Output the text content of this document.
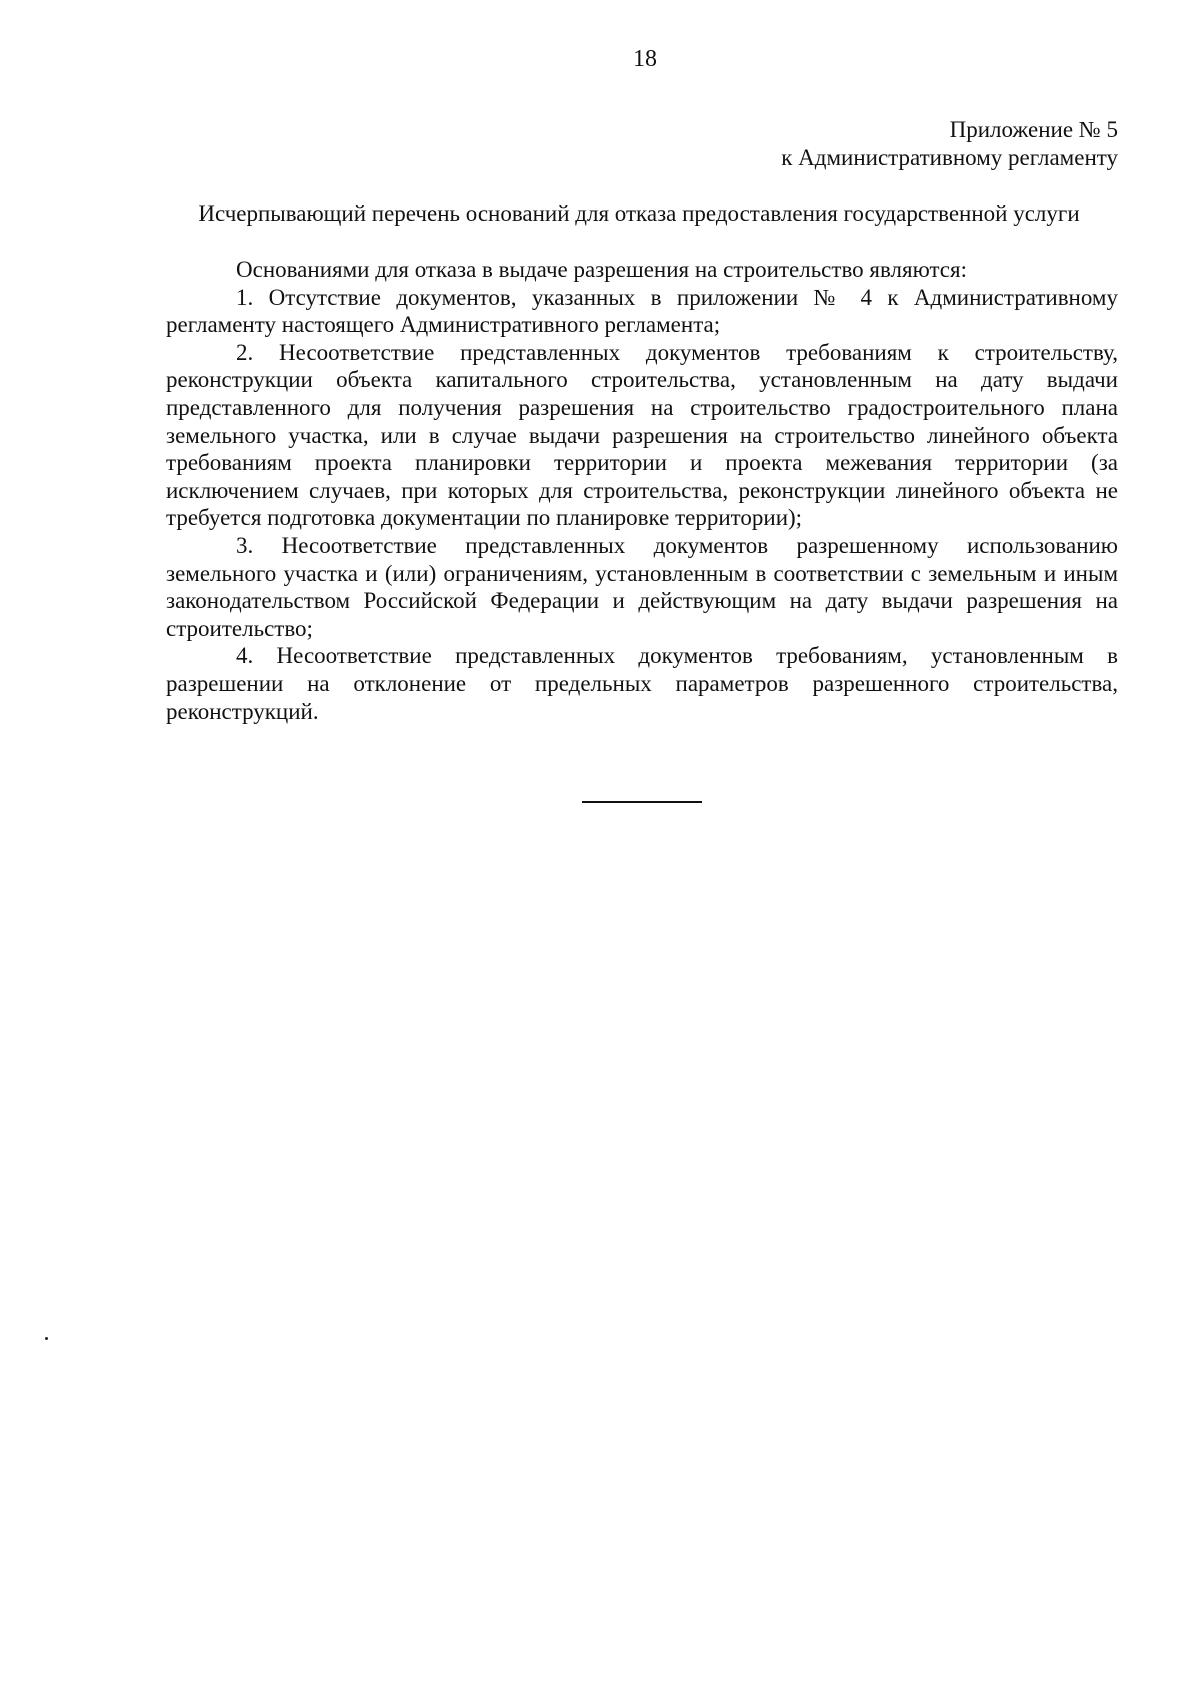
18
Приложение № 5
к Административному регламенту
Исчерпывающий перечень оснований для отказа предоставления государственной услуги

Основаниями для отказа в выдаче разрешения на строительство являются:

1. Отсутствие документов, указанных в приложении № 4 к Административному регламенту настоящего Административного регламента;

2. Несоответствие представленных документов требованиям к строительству, реконструкции объекта капитального строительства, установленным на дату выдачи представленного для получения разрешения на строительство градостроительного плана земельного участка, или в случае выдачи разрешения на строительство линейного объекта требованиям проекта планировки территории и проекта межевания территории (за исключением случаев, при которых для строительства, реконструкции линейного объекта не требуется подготовка документации по планировке территории);

3. Несоответствие представленных документов разрешенному использованию земельного участка и (или) ограничениям, установленным в соответствии с земельным и иным законодательством Российской Федерации и действующим на дату выдачи разрешения на строительство;

4. Несоответствие представленных документов требованиям, установленным в разрешении на отклонение от предельных параметров разрешенного строительства, реконструкций.
